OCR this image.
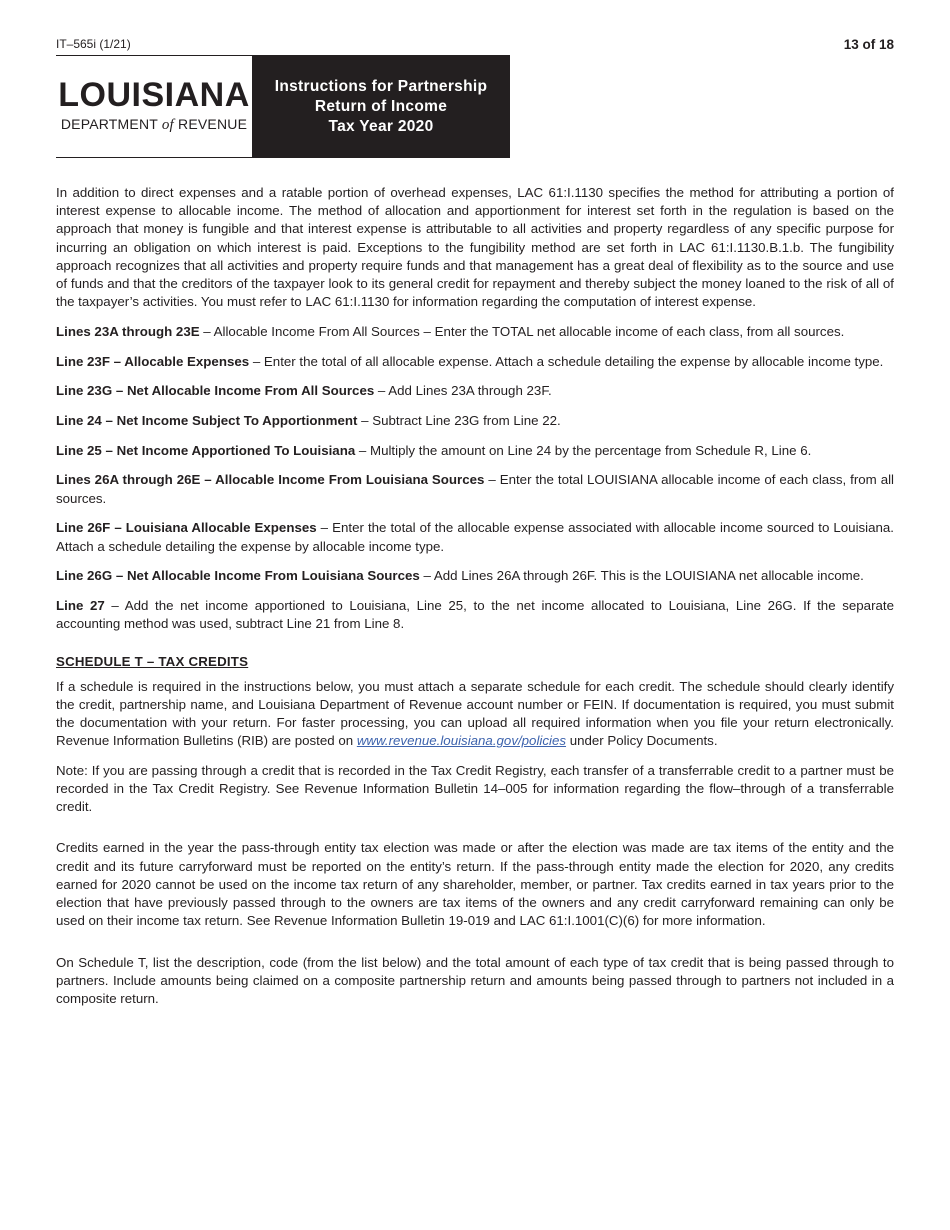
IT–565i (1/21)	13 of 18
LOUISIANA
DEPARTMENT of REVENUE
Instructions for Partnership
Return of Income
Tax Year 2020

In addition to direct expenses and a ratable portion of overhead expenses, LAC 61:I.1130 specifies the method for attributing a portion of interest expense to allocable income. The method of allocation and apportionment for interest set forth in the regulation is based on the approach that money is fungible and that interest expense is attributable to all activities and property regardless of any specific purpose for incurring an obligation on which interest is paid. Exceptions to the fungibility method are set forth in LAC 61:I.1130.B.1.b. The fungibility approach recognizes that all activities and property require funds and that management has a great deal of flexibility as to the source and use of funds and that the creditors of the taxpayer look to its general credit for repayment and thereby subject the money loaned to the risk of all of the taxpayer’s activities. You must refer to LAC 61:I.1130 for information regarding the computation of interest expense.

Lines 23A through 23E – Allocable Income From All Sources – Enter the TOTAL net allocable income of each class, from all sources.

Line 23F – Allocable Expenses – Enter the total of all allocable expense. Attach a schedule detailing the expense by allocable income type.

Line 23G – Net Allocable Income From All Sources – Add Lines 23A through 23F.

Line 24 – Net Income Subject To Apportionment – Subtract Line 23G from Line 22.

Line 25 – Net Income Apportioned To Louisiana – Multiply the amount on Line 24 by the percentage from Schedule R, Line 6.

Lines 26A through 26E – Allocable Income From Louisiana Sources – Enter the total LOUISIANA allocable income of each class, from all sources.

Line 26F – Louisiana Allocable Expenses – Enter the total of the allocable expense associated with allocable income sourced to Louisiana. Attach a schedule detailing the expense by allocable income type.

Line 26G – Net Allocable Income From Louisiana Sources – Add Lines 26A through 26F. This is the LOUISIANA net allocable income.

Line 27 – Add the net income apportioned to Louisiana, Line 25, to the net income allocated to Louisiana, Line 26G. If the separate accounting method was used, subtract Line 21 from Line 8.

SCHEDULE T – TAX CREDITS

If a schedule is required in the instructions below, you must attach a separate schedule for each credit. The schedule should clearly identify the credit, partnership name, and Louisiana Department of Revenue account number or FEIN. If documentation is required, you must submit the documentation with your return. For faster processing, you can upload all required information when you file your return electronically. Revenue Information Bulletins (RIB) are posted on www.revenue.louisiana.gov/policies under Policy Documents.

Note: If you are passing through a credit that is recorded in the Tax Credit Registry, each transfer of a transferrable credit to a partner must be recorded in the Tax Credit Registry. See Revenue Information Bulletin 14–005 for information regarding the flow–through of a transferrable credit.

Credits earned in the year the pass-through entity tax election was made or after the election was made are tax items of the entity and the credit and its future carryforward must be reported on the entity’s return. If the pass-through entity made the election for 2020, any credits earned for 2020 cannot be used on the income tax return of any shareholder, member, or partner. Tax credits earned in tax years prior to the election that have previously passed through to the owners are tax items of the owners and any credit carryforward remaining can only be used on their income tax return. See Revenue Information Bulletin 19-019 and LAC 61:I.1001(C)(6) for more information.

On Schedule T, list the description, code (from the list below) and the total amount of each type of tax credit that is being passed through to partners. Include amounts being claimed on a composite partnership return and amounts being passed through to partners not included in a composite return.
